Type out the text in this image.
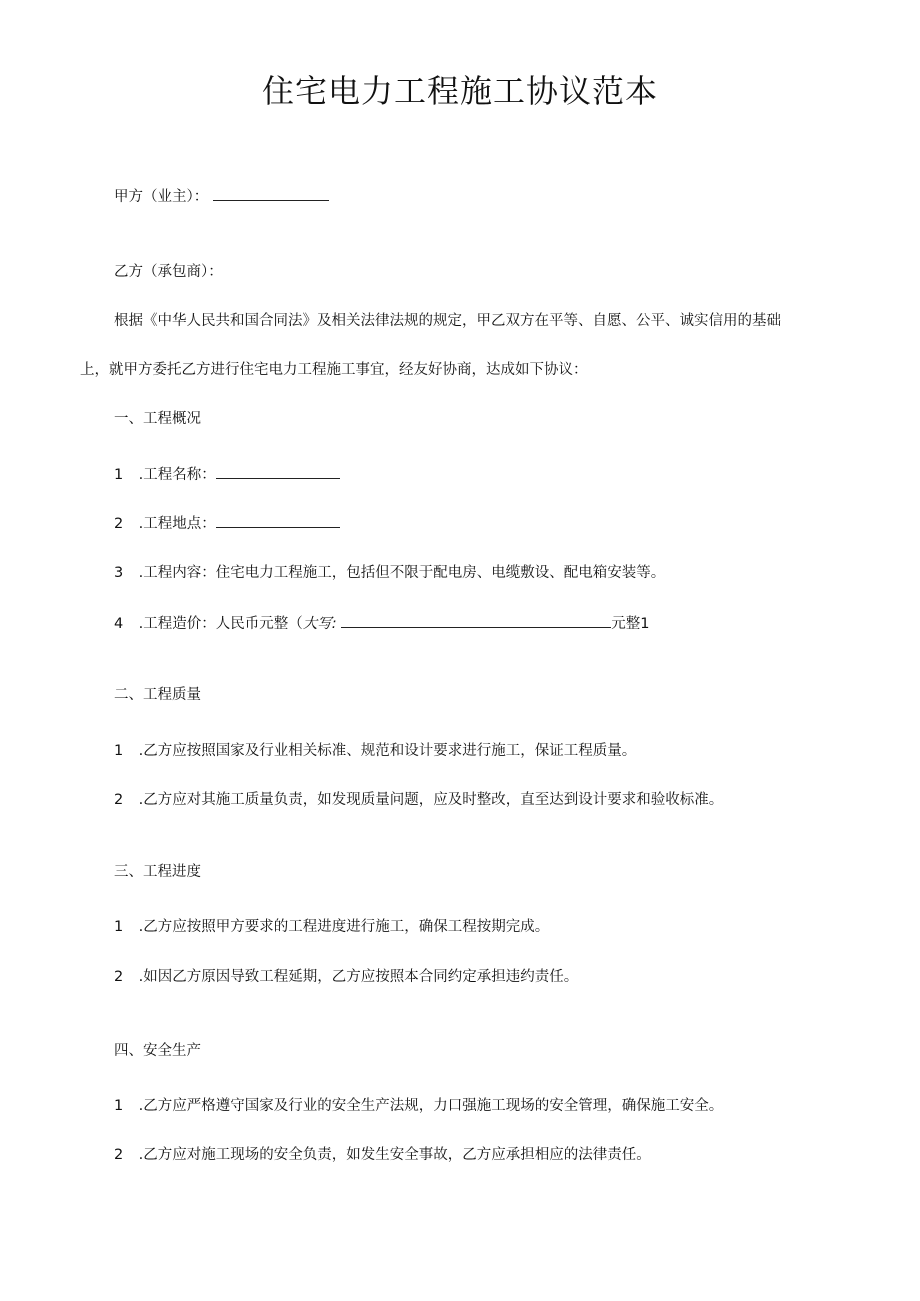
住宅电力工程施工协议范本
甲方（业主）：
乙方（承包商）：
根据《中华人民共和国合同法》及相关法律法规的规定，甲乙双方在平等、自愿、公平、诚实信用的基础
上，就甲方委托乙方进行住宅电力工程施工事宜，经友好协商，达成如下协议：
一、工程概况
1 .工程名称：
2 .工程地点：
3 .工程内容：住宅电力工程施工，包括但不限于配电房、电缆敷设、配电箱安装等。
4 .工程造价：人民币元整（大写:	元整1
二、工程质量
1 .乙方应按照国家及行业相关标准、规范和设计要求进行施工，保证工程质量。
2 .乙方应对其施工质量负责，如发现质量问题，应及时整改，直至达到设计要求和验收标准。
三、工程进度
1 .乙方应按照甲方要求的工程进度进行施工，确保工程按期完成。
2 .如因乙方原因导致工程延期，乙方应按照本合同约定承担违约责任。
四、安全生产
1 .乙方应严格遵守国家及行业的安全生产法规，力口强施工现场的安全管理，确保施工安全。
2 .乙方应对施工现场的安全负责，如发生安全事故，乙方应承担相应的法律责任。
